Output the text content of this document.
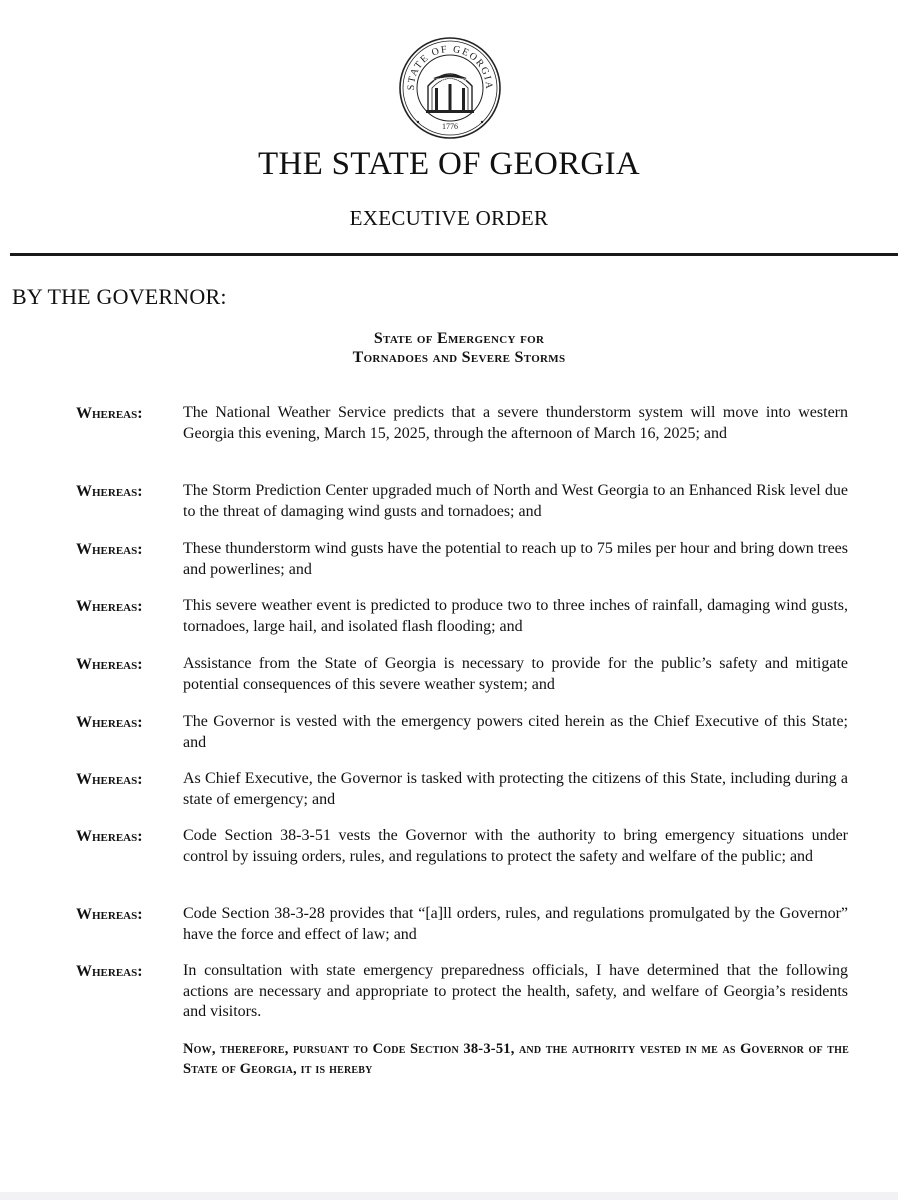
STATE OF GEORGIA
CONSTITUTION
1776
THE STATE OF GEORGIA
EXECUTIVE ORDER
BY THE GOVERNOR:
State of Emergency for
Tornadoes and Severe Storms
Whereas:	The National Weather Service predicts that a severe thunderstorm system will move into western Georgia this evening, March 15, 2025, through the afternoon of March 16, 2025; and
Whereas:	The Storm Prediction Center upgraded much of North and West Georgia to an Enhanced Risk level due to the threat of damaging wind gusts and tornadoes; and
Whereas:	These thunderstorm wind gusts have the potential to reach up to 75 miles per hour and bring down trees and powerlines; and
Whereas:	This severe weather event is predicted to produce two to three inches of rainfall, damaging wind gusts, tornadoes, large hail, and isolated flash flooding; and
Whereas:	Assistance from the State of Georgia is necessary to provide for the public’s safety and mitigate potential consequences of this severe weather system; and
Whereas:	The Governor is vested with the emergency powers cited herein as the Chief Executive of this State; and
Whereas:	As Chief Executive, the Governor is tasked with protecting the citizens of this State, including during a state of emergency; and
Whereas:	Code Section 38-3-51 vests the Governor with the authority to bring emergency situations under control by issuing orders, rules, and regulations to protect the safety and welfare of the public; and
Whereas:	Code Section 38-3-28 provides that “[a]ll orders, rules, and regulations promulgated by the Governor” have the force and effect of law; and
Whereas:	In consultation with state emergency preparedness officials, I have determined that the following actions are necessary and appropriate to protect the health, safety, and welfare of Georgia’s residents and visitors.
Now, therefore, pursuant to Code Section 38-3-51, and the authority vested in me as Governor of the State of Georgia, it is hereby
